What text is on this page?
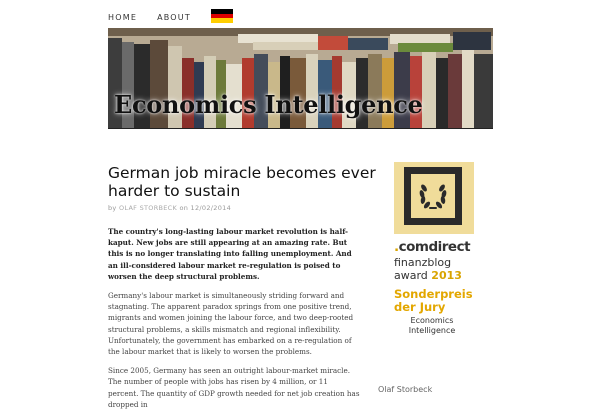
HOME	ABOUT
Economics Intelligence
German job miracle becomes ever harder to sustain
by OLAF STORBECK on 12/02/2014

The country's long-lasting labour market revolution is half-kaput. New jobs are still appearing at an amazing rate. But this is no longer translating into falling unemployment. And an ill-considered labour market re-regulation is poised to worsen the deep structural problems.

Germany's labour market is simultaneously striding forward and stagnating. The apparent paradox springs from one positive trend, migrants and women joining the labour force, and two deep-rooted structural problems, a skills mismatch and regional inflexibility. Unfortunately, the government has embarked on a re-regulation of the labour market that is likely to worsen the problems.

Since 2005, Germany has seen an outright labour-market miracle. The number of people with jobs has risen by 4 million, or 11 percent. The quantity of GDP growth needed for net job creation has dropped in

.comdirect
finanzblog
award 2013
Sonderpreis
der Jury
Economics
Intelligence
Olaf Storbeck
